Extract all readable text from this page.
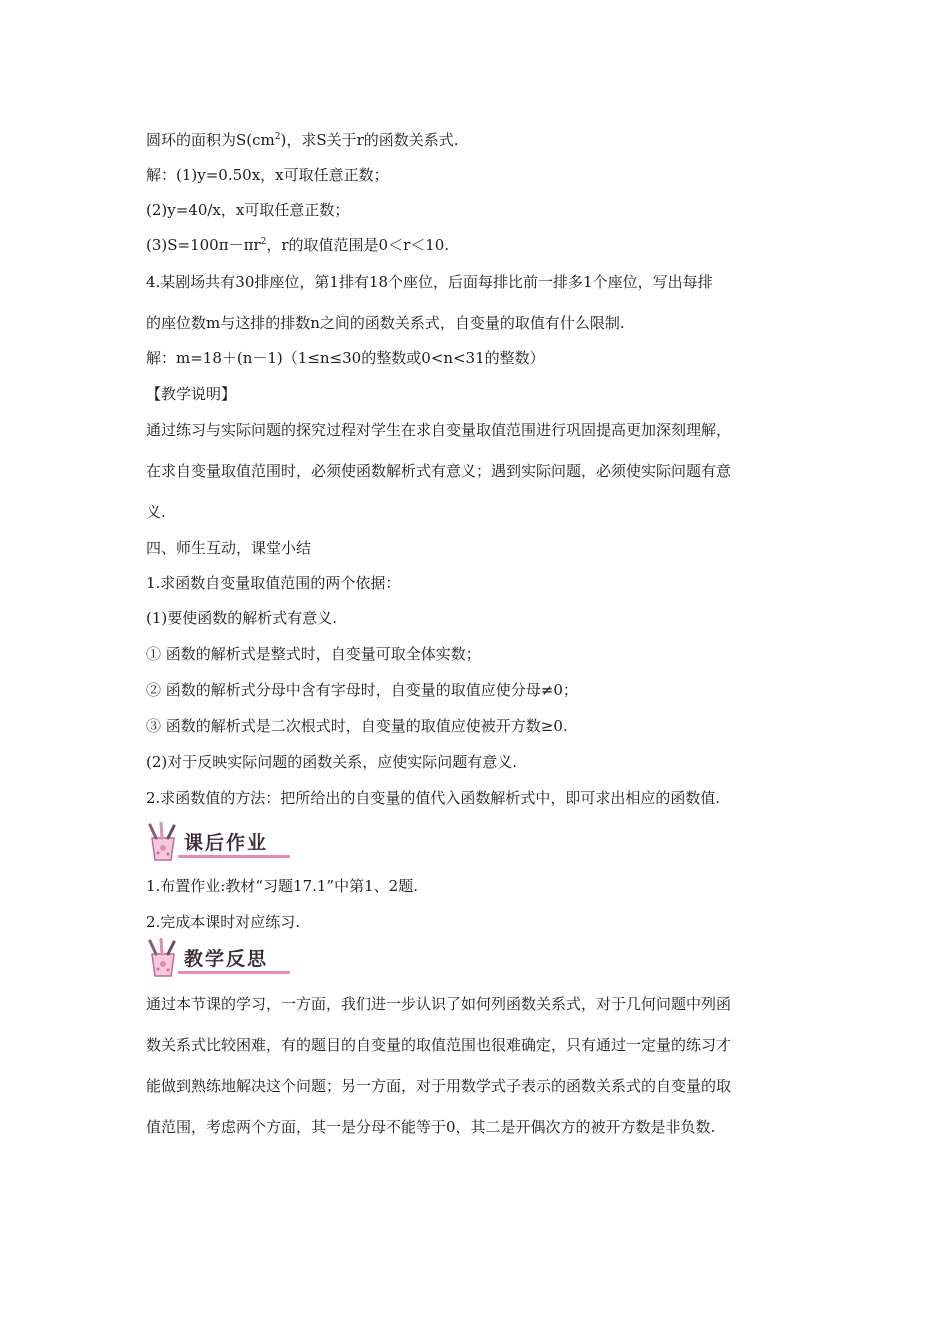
圆环的面积为$S(cm^2)$，求S关于r的函数关系式.
解：(1)y=0.50x，x可取任意正数；
(2)y=40/x，x可取任意正数；
$(3)S=100\pi-\pi r^2$，r的取值范围是0＜r＜10.
4.某剧场共有30排座位，第1排有18个座位，后面每排比前一排多1个座位，写出每排
的座位数m与这排的排数n之间的函数关系式，自变量的取值有什么限制.
解：m=18＋(n－1)（1≤n≤30的整数或0<n<31的整数）
【教学说明】
通过练习与实际问题的探究过程对学生在求自变量取值范围进行巩固提高更加深刻理解，
在求自变量取值范围时，必须使函数解析式有意义；遇到实际问题，必须使实际问题有意
义.
四、师生互动，课堂小结
1.求函数自变量取值范围的两个依据：
(1)要使函数的解析式有意义.
① 函数的解析式是整式时，自变量可取全体实数；
② 函数的解析式分母中含有字母时，自变量的取值应使分母≠0；
③ 函数的解析式是二次根式时，自变量的取值应使被开方数≥0.
(2)对于反映实际问题的函数关系，应使实际问题有意义.
2.求函数值的方法：把所给出的自变量的值代入函数解析式中，即可求出相应的函数值.
课后作业
1.布置作业:教材“习题17.1”中第1、2题.
2.完成本课时对应练习.
教学反思
通过本节课的学习，一方面，我们进一步认识了如何列函数关系式，对于几何问题中列函
数关系式比较困难，有的题目的自变量的取值范围也很难确定，只有通过一定量的练习才
能做到熟练地解决这个问题；另一方面，对于用数学式子表示的函数关系式的自变量的取
值范围，考虑两个方面，其一是分母不能等于0，其二是开偶次方的被开方数是非负数.
